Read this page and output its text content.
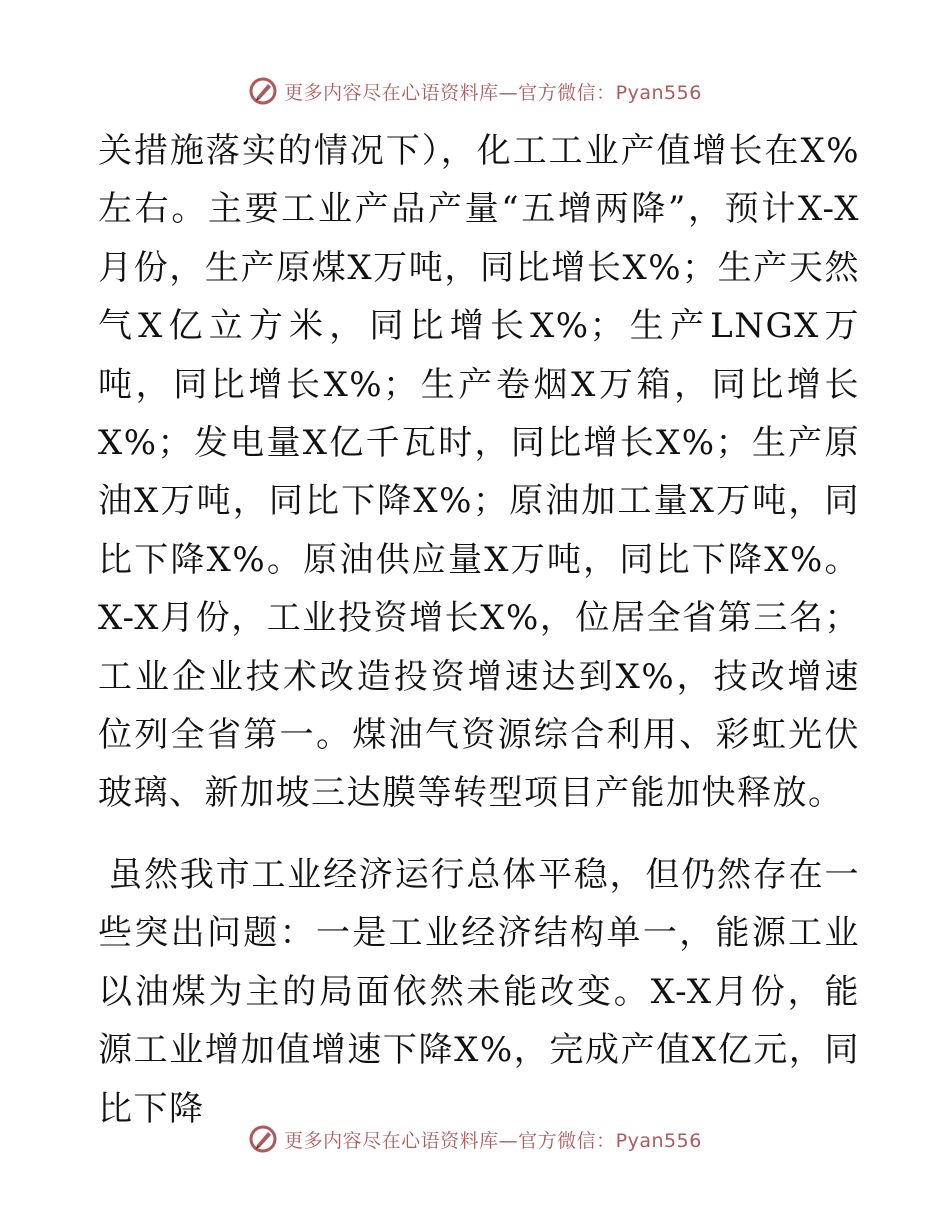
更多内容尽在心语资料库—官方微信：Pyan556

关措施落实的情况下），化工工业产值增长在X%左右。主要工业产品产量“五增两降”，预计X-X月份，生产原煤X万吨，同比增长X%；生产天然气X亿立方米，同比增长X%；生产LNGX万吨，同比增长X%；生产卷烟X万箱，同比增长X%；发电量X亿千瓦时，同比增长X%；生产原油X万吨，同比下降X%；原油加工量X万吨，同比下降X%。原油供应量X万吨，同比下降X%。X-X月份，工业投资增长X%，位居全省第三名；工业企业技术改造投资增速达到X%，技改增速位列全省第一。煤油气资源综合利用、彩虹光伏玻璃、新加坡三达膜等转型项目产能加快释放。

虽然我市工业经济运行总体平稳，但仍然存在一些突出问题：一是工业经济结构单一，能源工业以油煤为主的局面依然未能改变。X-X月份，能源工业增加值增速下降X%，完成产值X亿元，同比下降

更多内容尽在心语资料库—官方微信：Pyan556
